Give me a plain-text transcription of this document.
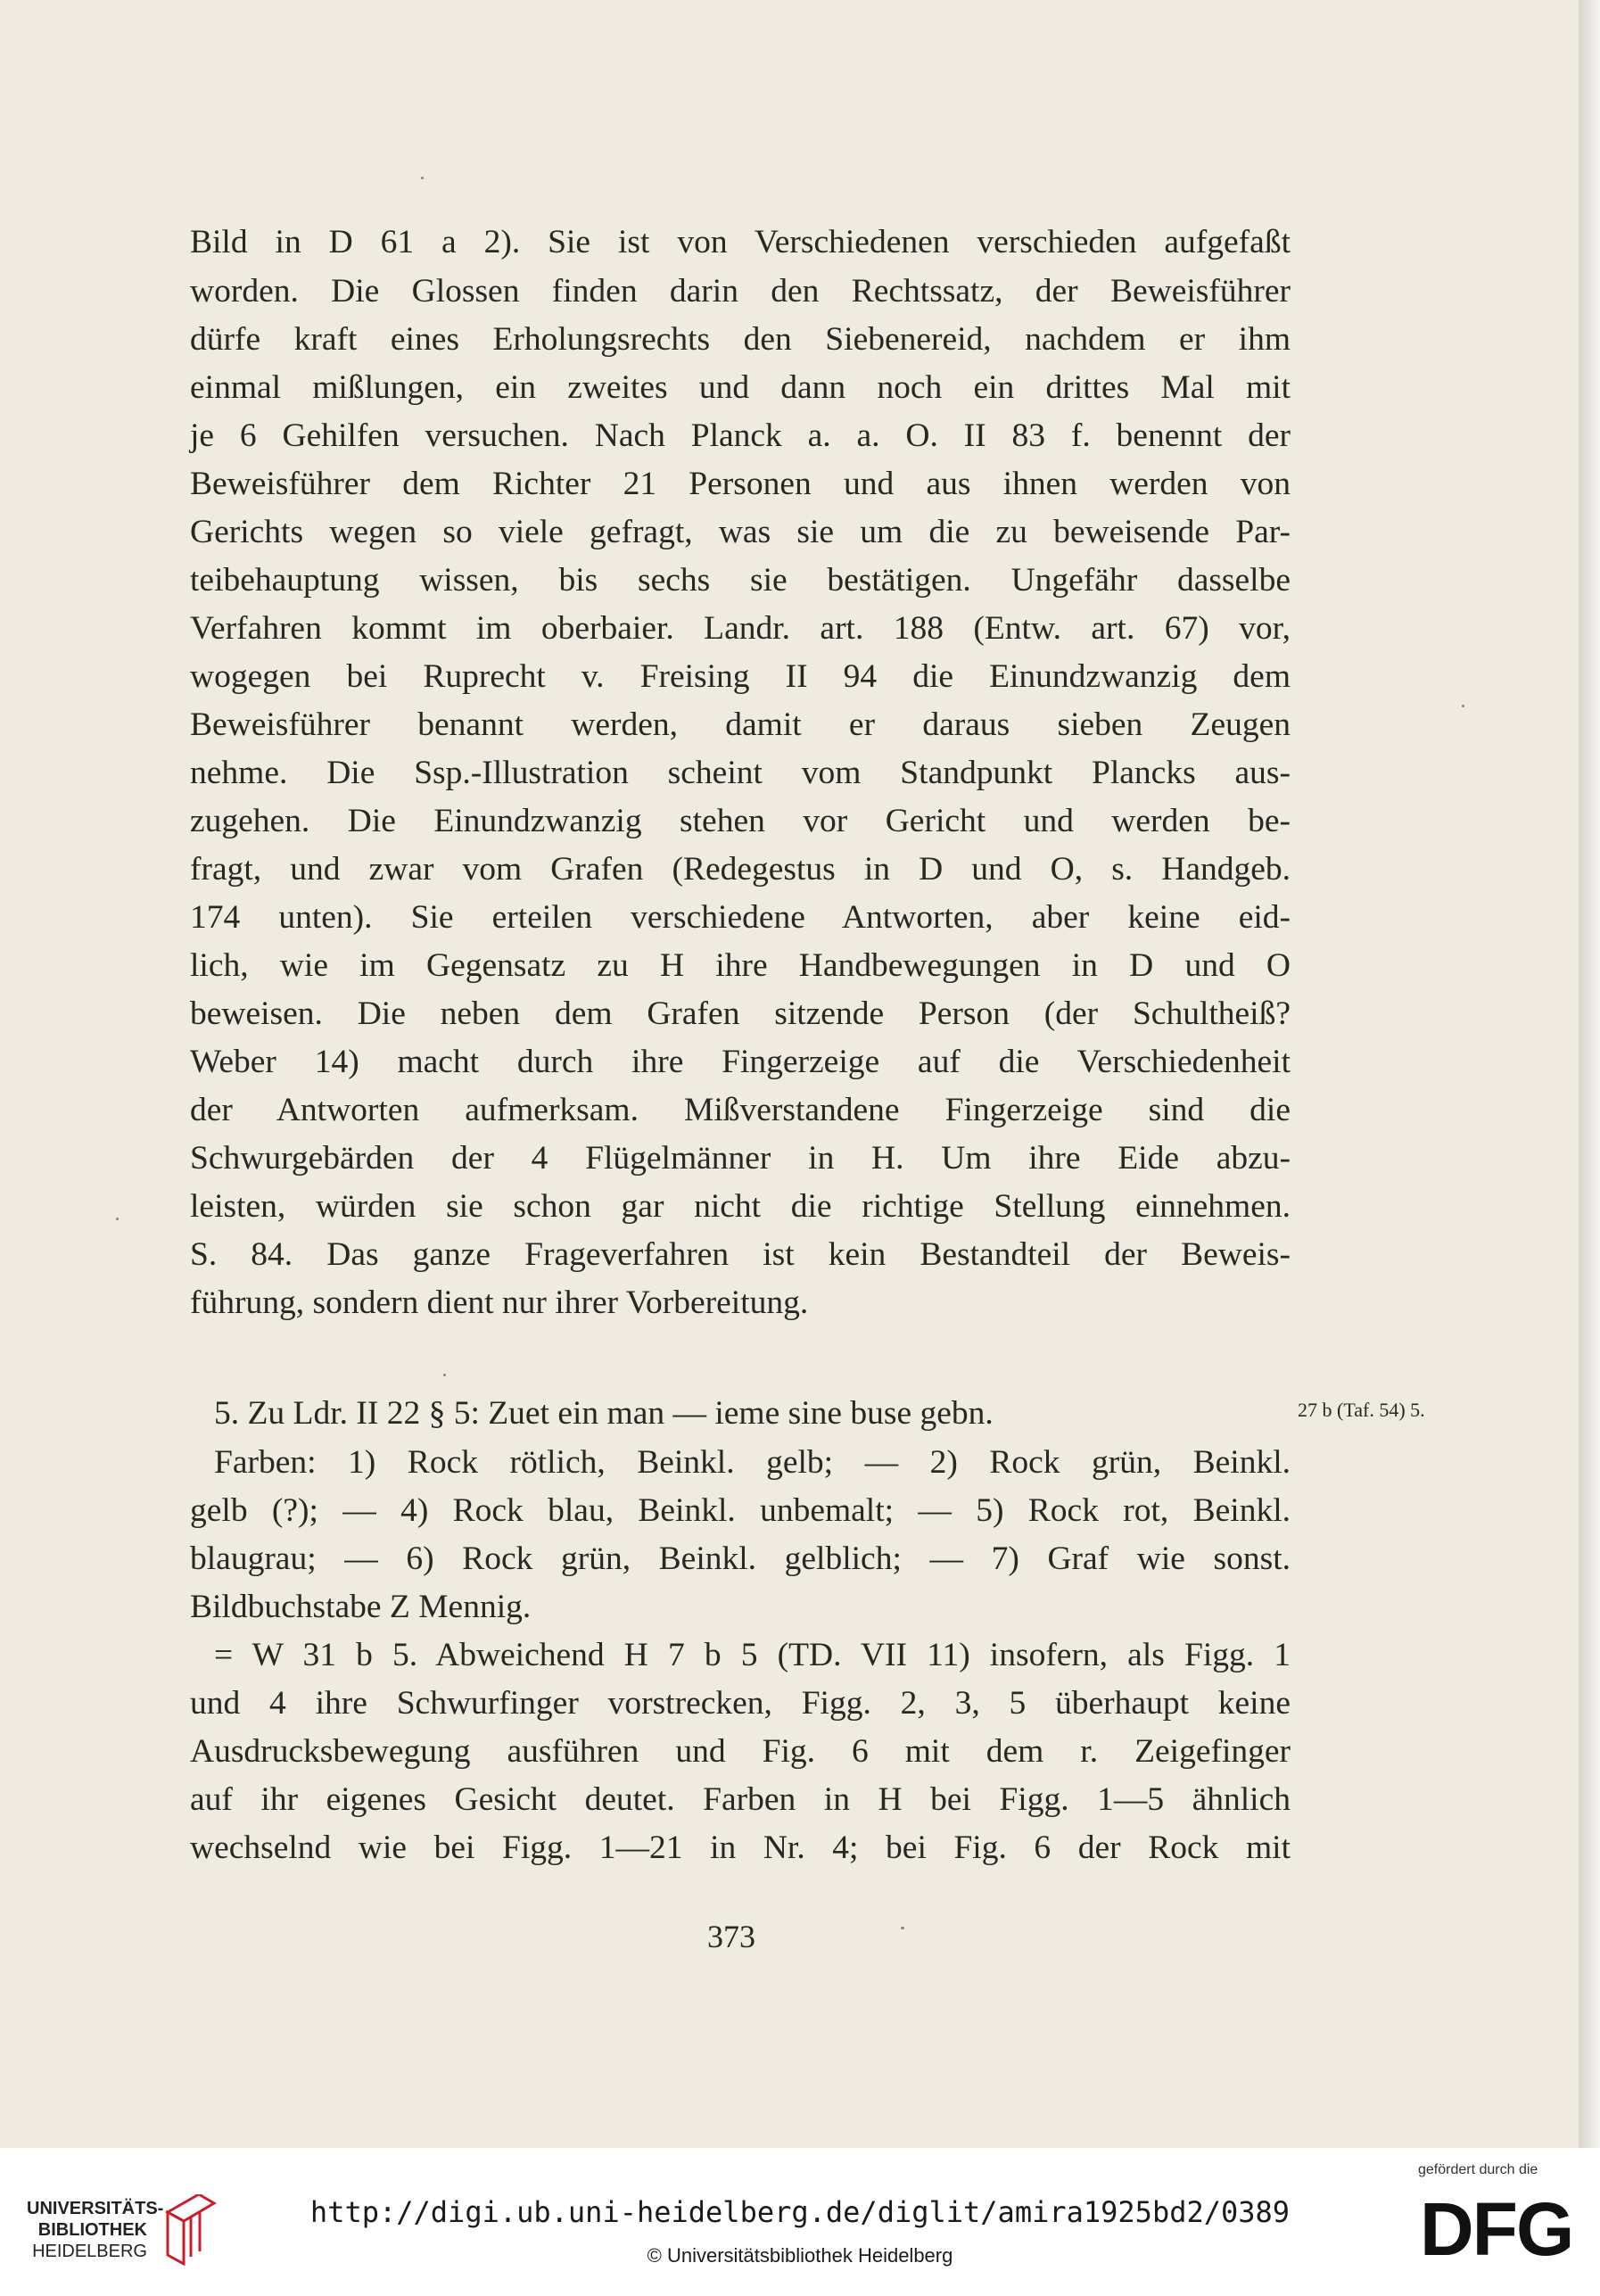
Bild in D 61 a 2). Sie ist von Verschiedenen verschieden aufgefaßt
worden. Die Glossen finden darin den Rechtssatz, der Beweisführer
dürfe kraft eines Erholungsrechts den Siebenereid, nachdem er ihm
einmal mißlungen, ein zweites und dann noch ein drittes Mal mit
je 6 Gehilfen versuchen. Nach Planck a. a. O. II 83 f. benennt der
Beweisführer dem Richter 21 Personen und aus ihnen werden von
Gerichts wegen so viele gefragt, was sie um die zu beweisende Par-
teibehauptung wissen, bis sechs sie bestätigen. Ungefähr dasselbe
Verfahren kommt im oberbaier. Landr. art. 188 (Entw. art. 67) vor,
wogegen bei Ruprecht v. Freising II 94 die Einundzwanzig dem
Beweisführer benannt werden, damit er daraus sieben Zeugen
nehme. Die Ssp.-Illustration scheint vom Standpunkt Plancks aus-
zugehen. Die Einundzwanzig stehen vor Gericht und werden be-
fragt, und zwar vom Grafen (Redegestus in D und O, s. Handgeb.
174 unten). Sie erteilen verschiedene Antworten, aber keine eid-
lich, wie im Gegensatz zu H ihre Handbewegungen in D und O
beweisen. Die neben dem Grafen sitzende Person (der Schultheiß?
Weber 14) macht durch ihre Fingerzeige auf die Verschiedenheit
der Antworten aufmerksam. Mißverstandene Fingerzeige sind die
Schwurgebärden der 4 Flügelmänner in H. Um ihre Eide abzu-
leisten, würden sie schon gar nicht die richtige Stellung einnehmen.
S. 84. Das ganze Frageverfahren ist kein Bestandteil der Beweis-
führung, sondern dient nur ihrer Vorbereitung.
5. Zu Ldr. II 22 § 5: Zuet ein man — ieme sine buse gebn.
Farben: 1) Rock rötlich, Beinkl. gelb; — 2) Rock grün, Beinkl.
gelb (?); — 4) Rock blau, Beinkl. unbemalt; — 5) Rock rot, Beinkl.
blaugrau; — 6) Rock grün, Beinkl. gelblich; — 7) Graf wie sonst.
Bildbuchstabe Z Mennig.
= W 31 b 5. Abweichend H 7 b 5 (TD. VII 11) insofern, als Figg. 1
und 4 ihre Schwurfinger vorstrecken, Figg. 2, 3, 5 überhaupt keine
Ausdrucksbewegung ausführen und Fig. 6 mit dem r. Zeigefinger
auf ihr eigenes Gesicht deutet. Farben in H bei Figg. 1—5 ähnlich
wechselnd wie bei Figg. 1—21 in Nr. 4; bei Fig. 6 der Rock mit
27 b (Taf. 54) 5.
373
UNIVERSITÄTS-
BIBLIOTHEK
HEIDELBERG
http://digi.ub.uni-heidelberg.de/diglit/amira1925bd2/0389
© Universitätsbibliothek Heidelberg
gefördert durch die
DFG
